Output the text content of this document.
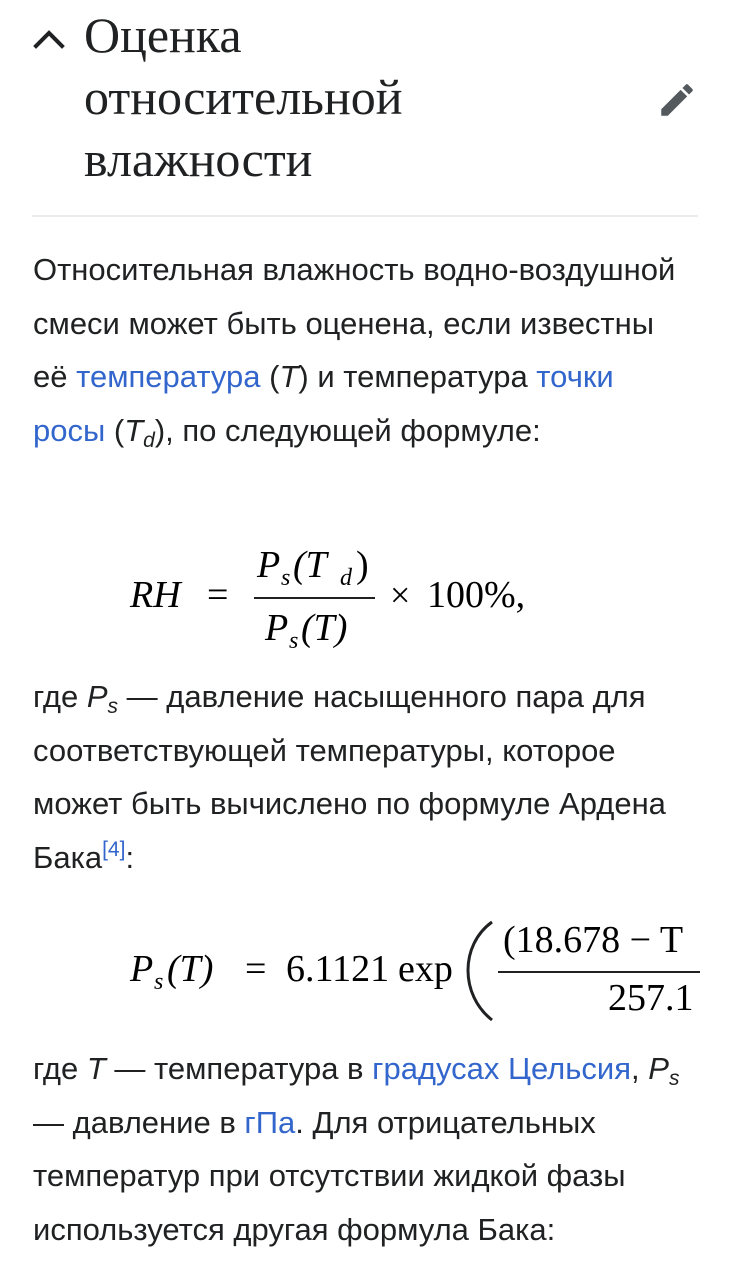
Оценка
относительной
влажности

Относительная влажность водно-воздушной смеси может быть оцененa, если известны её температура (T) и температура точки росы $(T_d)$, по следующей формуле:

RH =
P s (T d )
P s (T)
× 100%,

где $P_s$ — давление насыщенного пара для соответствующей температуры, которое может быть вычислено по формуле Ардена Бака[4]:

P s (T) = 6.1121 exp
(18.678 − T
257.1

где T — температура в градусах Цельсия, $P_s$ — давление в гПа. Для отрицательных температур при отсутствии жидкой фазы используется другая формула Бака:
